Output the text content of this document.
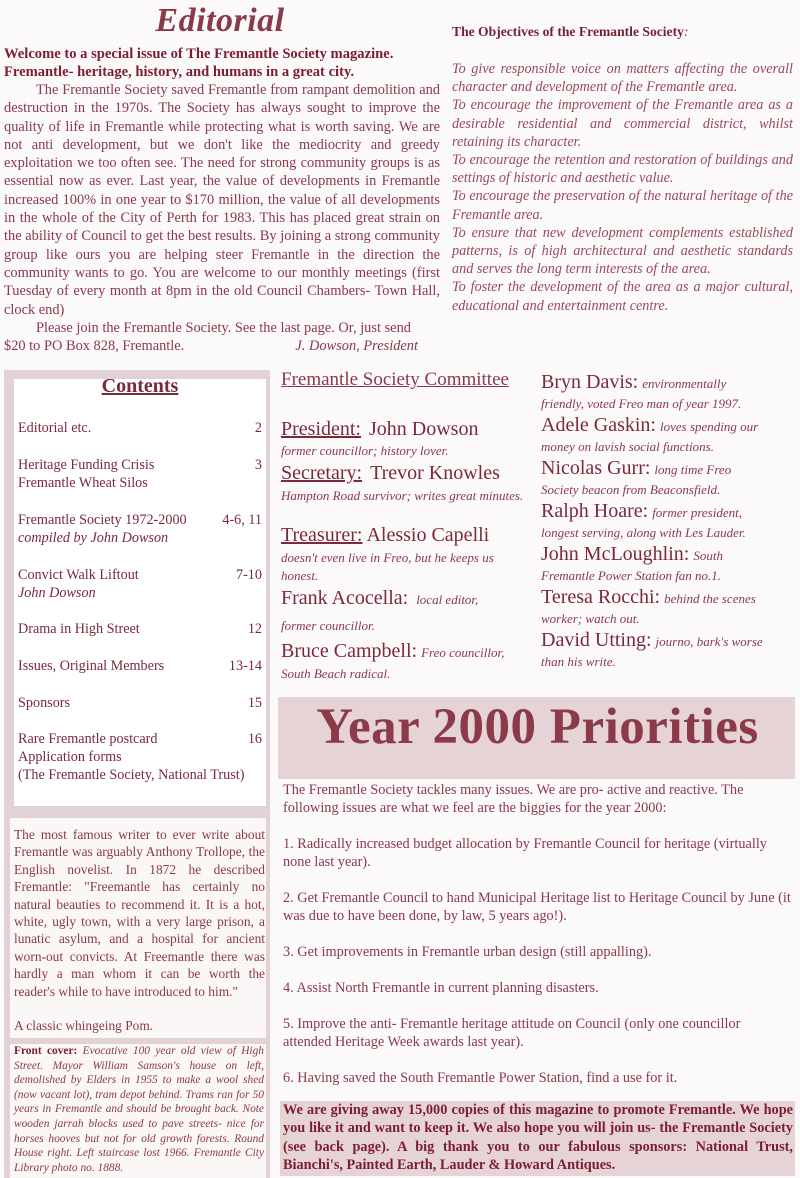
Editorial
Welcome to a special issue of The Fremantle Society magazine. Fremantle- heritage, history, and humans in a great city.

The Fremantle Society saved Fremantle from rampant demolition and destruction in the 1970s. The Society has always sought to improve the quality of life in Fremantle while protecting what is worth saving. We are not anti development, but we don't like the mediocrity and greedy exploitation we too often see. The need for strong community groups is as essential now as ever. Last year, the value of developments in Fremantle increased 100% in one year to $170 million, the value of all developments in the whole of the City of Perth for 1983. This has placed great strain on the ability of Council to get the best results. By joining a strong community group like ours you are helping steer Fremantle in the direction the community wants to go. You are welcome to our monthly meetings (first Tuesday of every month at 8pm in the old Council Chambers- Town Hall, clock end)

Please join the Fremantle Society. See the last page. Or, just send

$20 to PO Box 828, Fremantle.	J. Dowson, President
The Objectives of the Fremantle Society:
To give responsible voice on matters affecting the overall character and development of the Fremantle area.
To encourage the improvement of the Fremantle area as a desirable residential and commercial district, whilst retaining its character.
To encourage the retention and restoration of buildings and settings of historic and aesthetic value.
To encourage the preservation of the natural heritage of the Fremantle area.
To ensure that new development complements established patterns, is of high architectural and aesthetic standards and serves the long term interests of the area.
To foster the development of the area as a major cultural, educational and entertainment centre.
Contents
Editorial etc.	2
Heritage Funding Crisis	3
Fremantle Wheat Silos
Fremantle Society 1972-2000	4-6, 11
compiled by John Dowson
Convict Walk Liftout	7-10
John Dowson
Drama in High Street	12
Issues, Original Members	13-14
Sponsors	15
Rare Fremantle postcard	16
Application forms
(The Fremantle Society, National Trust)

The most famous writer to ever write about Fremantle was arguably Anthony Trollope, the English novelist. In 1872 he described Fremantle: "Freemantle has certainly no natural beauties to recommend it. It is a hot, white, ugly town, with a very large prison, a lunatic asylum, and a hospital for ancient worn-out convicts. At Freemantle there was hardly a man whom it can be worth the reader's while to have introduced to him."

A classic whingeing Pom.

Front cover: Evocative 100 year old view of High Street. Mayor William Samson's house on left, demolished by Elders in 1955 to make a wool shed (now vacant lot), tram depot behind. Trams ran for 50 years in Fremantle and should be brought back. Note wooden jarrah blocks used to pave streets- nice for horses hooves but not for old growth forests. Round House right. Left staircase lost 1966. Fremantle City Library photo no. 1888.
Fremantle Society Committee
President: John Dowson
former councillor; history lover.
Secretary: Trevor Knowles
Hampton Road survivor; writes great minutes.
Treasurer: Alessio Capelli
doesn't even live in Freo, but he keeps us honest.
Frank Acocella: local editor,
former councillor.
Bruce Campbell: Freo councillor,
South Beach radical.
Bryn Davis: environmentally
friendly, voted Freo man of year 1997.
Adele Gaskin: loves spending our
money on lavish social functions.
Nicolas Gurr: long time Freo
Society beacon from Beaconsfield.
Ralph Hoare: former president,
longest serving, along with Les Lauder.
John McLoughlin: South
Fremantle Power Station fan no.1.
Teresa Rocchi: behind the scenes
worker; watch out.
David Utting: journo, bark's worse
than his write.
Year 2000 Priorities

The Fremantle Society tackles many issues. We are pro- active and reactive. The following issues are what we feel are the biggies for the year 2000:

1. Radically increased budget allocation by Fremantle Council for heritage (virtually none last year).

2. Get Fremantle Council to hand Municipal Heritage list to Heritage Council by June (it was due to have been done, by law, 5 years ago!).

3. Get improvements in Fremantle urban design (still appalling).

4. Assist North Fremantle in current planning disasters.

5. Improve the anti- Fremantle heritage attitude on Council (only one councillor attended Heritage Week awards last year).

6. Having saved the South Fremantle Power Station, find a use for it.

We are giving away 15,000 copies of this magazine to promote Fremantle. We hope you like it and want to keep it. We also hope you will join us- the Fremantle Society (see back page). A big thank you to our fabulous sponsors: National Trust, Bianchi's, Painted Earth, Lauder & Howard Antiques.
